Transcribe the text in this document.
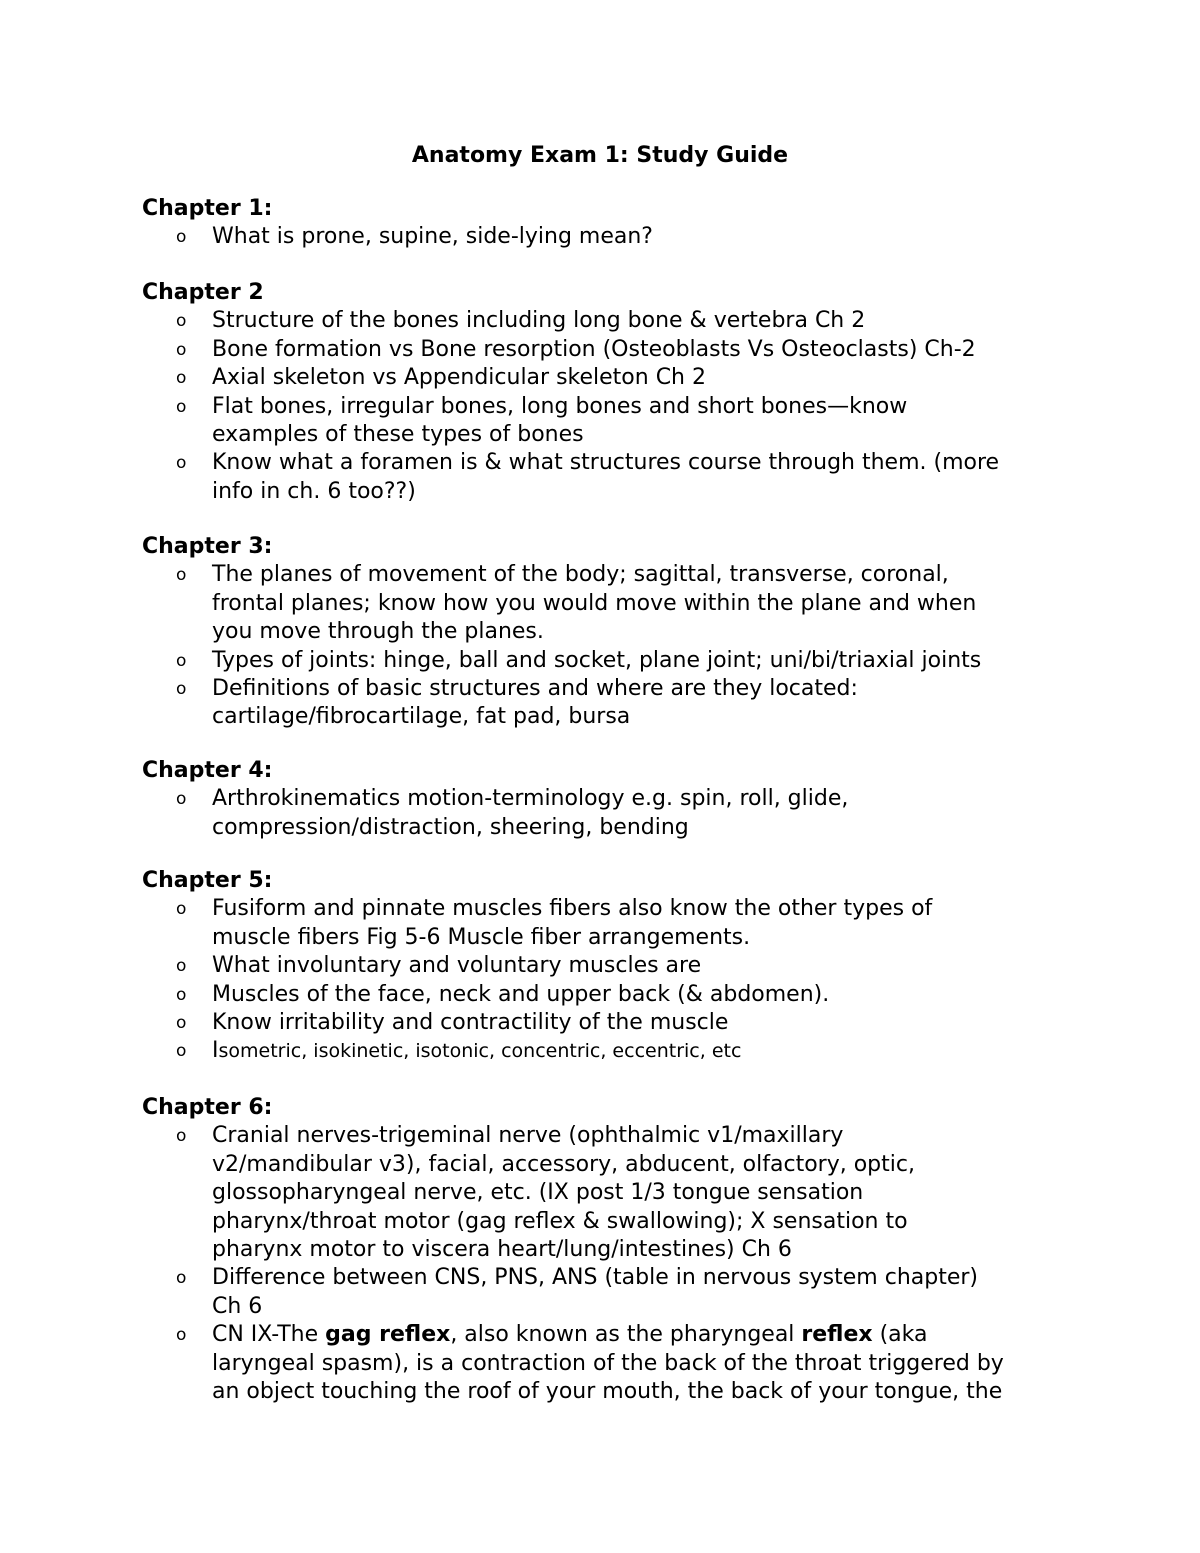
Anatomy Exam 1: Study Guide
Chapter 1:
o What is prone, supine, side-lying mean?
Chapter 2
o Structure of the bones including long bone & vertebra Ch 2
o Bone formation vs Bone resorption (Osteoblasts Vs Osteoclasts) Ch-2
o Axial skeleton vs Appendicular skeleton Ch 2
o Flat bones, irregular bones, long bones and short bones—know
examples of these types of bones
o Know what a foramen is & what structures course through them. (more
info in ch. 6 too??)
Chapter 3:
o The planes of movement of the body; sagittal, transverse, coronal,
frontal planes; know how you would move within the plane and when
you move through the planes.
o Types of joints: hinge, ball and socket, plane joint; uni/bi/triaxial joints
o Definitions of basic structures and where are they located:
cartilage/fibrocartilage, fat pad, bursa
Chapter 4:
o Arthrokinematics motion-terminology e.g. spin, roll, glide,
compression/distraction, sheering, bending
Chapter 5:
o Fusiform and pinnate muscles fibers also know the other types of
muscle fibers Fig 5-6 Muscle fiber arrangements.
o What involuntary and voluntary muscles are
o Muscles of the face, neck and upper back (& abdomen).
o Know irritability and contractility of the muscle
o Isometric, isokinetic, isotonic, concentric, eccentric, etc
Chapter 6:
o Cranial nerves-trigeminal nerve (ophthalmic v1/maxillary
v2/mandibular v3), facial, accessory, abducent, olfactory, optic,
glossopharyngeal nerve, etc. (IX post 1/3 tongue sensation
pharynx/throat motor (gag reflex & swallowing); X sensation to
pharynx motor to viscera heart/lung/intestines) Ch 6
o Difference between CNS, PNS, ANS (table in nervous system chapter)
Ch 6
o CN IX-The gag reflex, also known as the pharyngeal reflex (aka
laryngeal spasm), is a contraction of the back of the throat triggered by
an object touching the roof of your mouth, the back of your tongue, the
